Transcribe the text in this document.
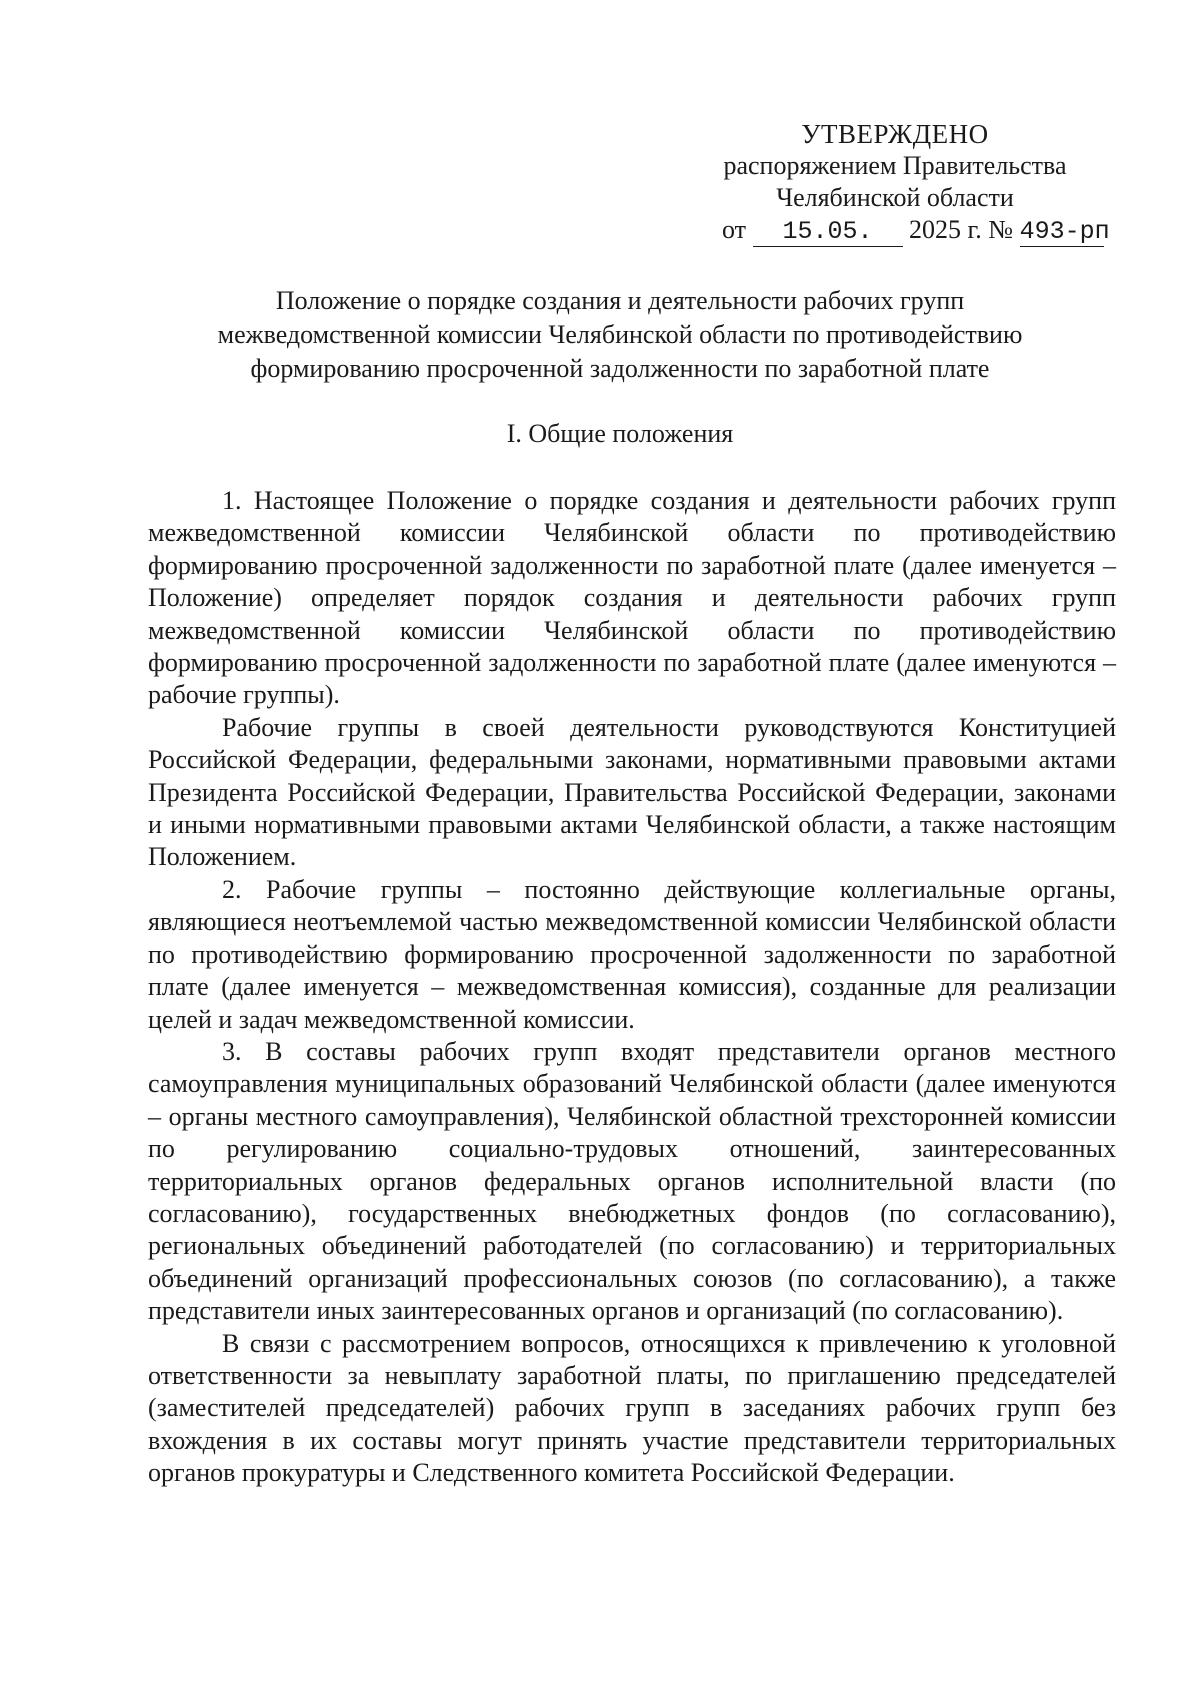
УТВЕРЖДЕНО
распоряжением Правительства
Челябинской области
от 15.05. 2025 г. № 493-рп
Положение о порядке создания и деятельности рабочих групп
межведомственной комиссии Челябинской области по противодействию
формированию просроченной задолженности по заработной плате
I. Общие положения

1. Настоящее Положение о порядке создания и деятельности рабочих групп межведомственной комиссии Челябинской области по противодействию формированию просроченной задолженности по заработной плате (далее именуется – Положение) определяет порядок создания и деятельности рабочих групп межведомственной комиссии Челябинской области по противодействию формированию просроченной задолженности по заработной плате (далее именуются – рабочие группы).

Рабочие группы в своей деятельности руководствуются Конституцией Российской Федерации, федеральными законами, нормативными правовыми актами Президента Российской Федерации, Правительства Российской Федерации, законами и иными нормативными правовыми актами Челябинской области, а также настоящим Положением.

2. Рабочие группы – постоянно действующие коллегиальные органы, являющиеся неотъемлемой частью межведомственной комиссии Челябинской области по противодействию формированию просроченной задолженности по заработной плате (далее именуется – межведомственная комиссия), созданные для реализации целей и задач межведомственной комиссии.

3. В составы рабочих групп входят представители органов местного самоуправления муниципальных образований Челябинской области (далее именуются – органы местного самоуправления), Челябинской областной трехсторонней комиссии по регулированию социально-трудовых отношений, заинтересованных территориальных органов федеральных органов исполнительной власти (по согласованию), государственных внебюджетных фондов (по согласованию), региональных объединений работодателей (по согласованию) и территориальных объединений организаций профессиональных союзов (по согласованию), а также представители иных заинтересованных органов и организаций (по согласованию).

В связи с рассмотрением вопросов, относящихся к привлечению к уголовной ответственности за невыплату заработной платы, по приглашению председателей (заместителей председателей) рабочих групп в заседаниях рабочих групп без вхождения в их составы могут принять участие представители территориальных органов прокуратуры и Следственного комитета Российской Федерации.
